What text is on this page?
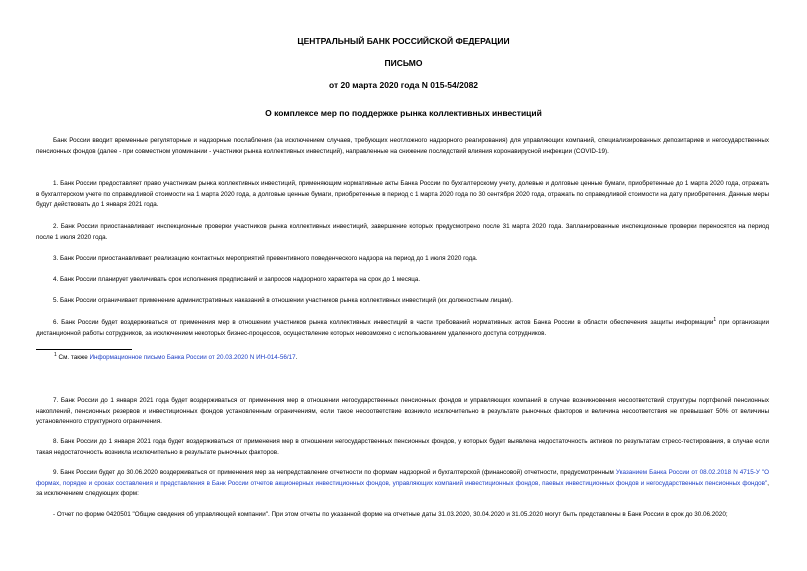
ЦЕНТРАЛЬНЫЙ БАНК РОССИЙСКОЙ ФЕДЕРАЦИИ
ПИСЬМО
от 20 марта 2020 года N 015-54/2082
О комплексе мер по поддержке рынка коллективных инвестиций
Банк России вводит временные регуляторные и надзорные послабления (за исключением случаев, требующих неотложного надзорного реагирования) для управляющих компаний, специализированных депозитариев и негосударственных пенсионных фондов (далее - при совместном упоминании - участники рынка коллективных инвестиций), направленные на снижение последствий влияния коронавирусной инфекции (COVID-19).
1. Банк России предоставляет право участникам рынка коллективных инвестиций, применяющим нормативные акты Банка России по бухгалтерскому учету, долевые и долговые ценные бумаги, приобретенные до 1 марта 2020 года, отражать в бухгалтерском учете по справедливой стоимости на 1 марта 2020 года, а долговые ценные бумаги, приобретенные в период с 1 марта 2020 года по 30 сентября 2020 года, отражать по справедливой стоимости на дату приобретения. Данные меры будут действовать до 1 января 2021 года.
2. Банк России приостанавливает инспекционные проверки участников рынка коллективных инвестиций, завершение которых предусмотрено после 31 марта 2020 года. Запланированные инспекционные проверки переносятся на период после 1 июля 2020 года.
3. Банк России приостанавливает реализацию контактных мероприятий превентивного поведенческого надзора на период до 1 июля 2020 года.
4. Банк России планирует увеличивать срок исполнения предписаний и запросов надзорного характера на срок до 1 месяца.
5. Банк России ограничивает применение административных наказаний в отношении участников рынка коллективных инвестиций (их должностным лицам).
6. Банк России будет воздерживаться от применения мер в отношении участников рынка коллективных инвестиций в части требований нормативных актов Банка России в области обеспечения защиты информации$^1$ при организации дистанционной работы сотрудников, за исключением некоторых бизнес-процессов, осуществление которых невозможно с использованием удаленного доступа сотрудников.
$^1$ См. также Информационное письмо Банка России от 20.03.2020 N ИН-014-56/17.
7. Банк России до 1 января 2021 года будет воздерживаться от применения мер в отношении негосударственных пенсионных фондов и управляющих компаний в случае возникновения несоответствий структуры портфелей пенсионных накоплений, пенсионных резервов и инвестиционных фондов установленным ограничениям, если такое несоответствие возникло исключительно в результате рыночных факторов и величина несоответствия не превышает 50% от величины установленного структурного ограничения.
8. Банк России до 1 января 2021 года будет воздерживаться от применения мер в отношении негосударственных пенсионных фондов, у которых будет выявлена недостаточность активов по результатам стресс-тестирования, в случае если такая недостаточность возникла исключительно в результате рыночных факторов.
9. Банк России будет до 30.06.2020 воздерживаться от применения мер за непредставление отчетности по формам надзорной и бухгалтерской (финансовой) отчетности, предусмотренным Указанием Банка России от 08.02.2018 N 4715-У "О формах, порядке и сроках составления и представления в Банк России отчетов акционерных инвестиционных фондов, управляющих компаний инвестиционных фондов, паевых инвестиционных фондов и негосударственных пенсионных фондов", за исключением следующих форм:
- Отчет по форме 0420501 "Общие сведения об управляющей компании". При этом отчеты по указанной форме на отчетные даты 31.03.2020, 30.04.2020 и 31.05.2020 могут быть представлены в Банк России в срок до 30.06.2020;
